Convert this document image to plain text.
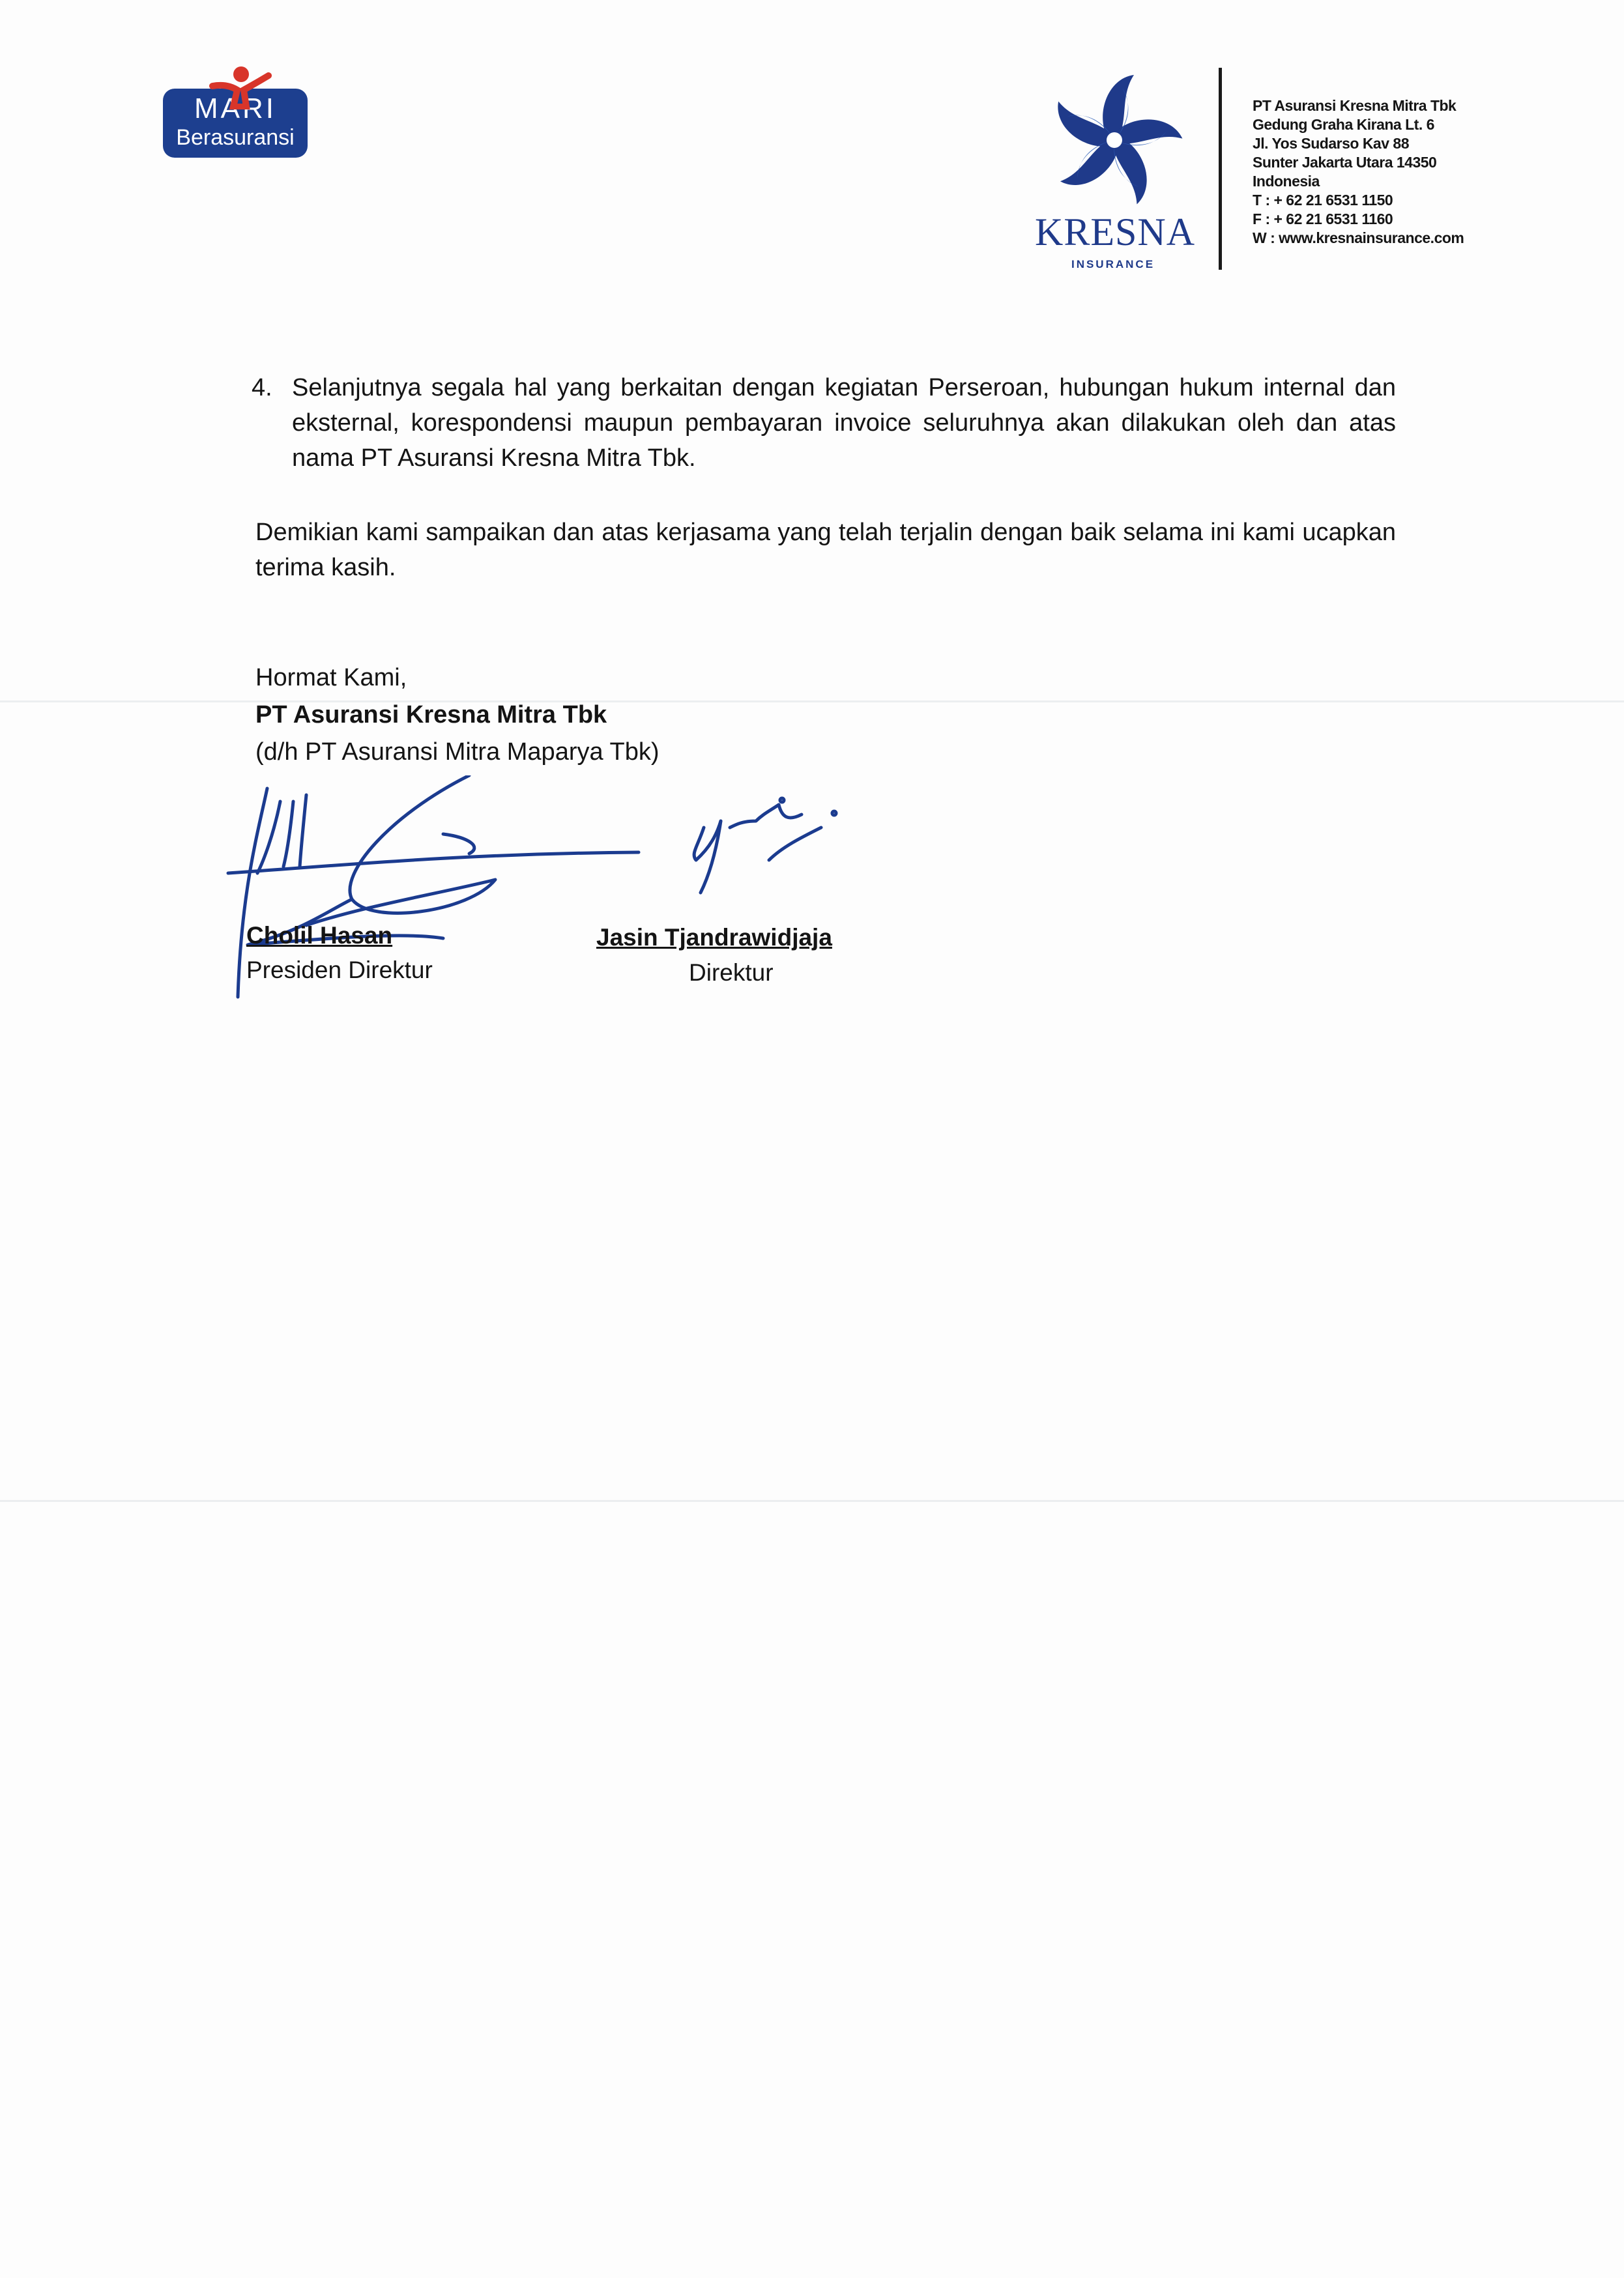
MARI
Berasuransi
KRESNA
INSURANCE
PT Asuransi Kresna Mitra Tbk
Gedung Graha Kirana Lt. 6
Jl. Yos Sudarso Kav 88
Sunter Jakarta Utara 14350
Indonesia
T : + 62 21 6531 1150
F : + 62 21 6531 1160
W : www.kresnainsurance.com
4. Selanjutnya segala hal yang berkaitan dengan kegiatan Perseroan, hubungan hukum internal dan eksternal, korespondensi maupun pembayaran invoice seluruhnya akan dilakukan oleh dan atas nama PT Asuransi Kresna Mitra Tbk.
Demikian kami sampaikan dan atas kerjasama yang telah terjalin dengan baik selama ini kami ucapkan terima kasih.
Hormat Kami,
PT Asuransi Kresna Mitra Tbk
(d/h PT Asuransi Mitra Maparya Tbk)
Cholil Hasan
Presiden Direktur
Jasin Tjandrawidjaja
Direktur
